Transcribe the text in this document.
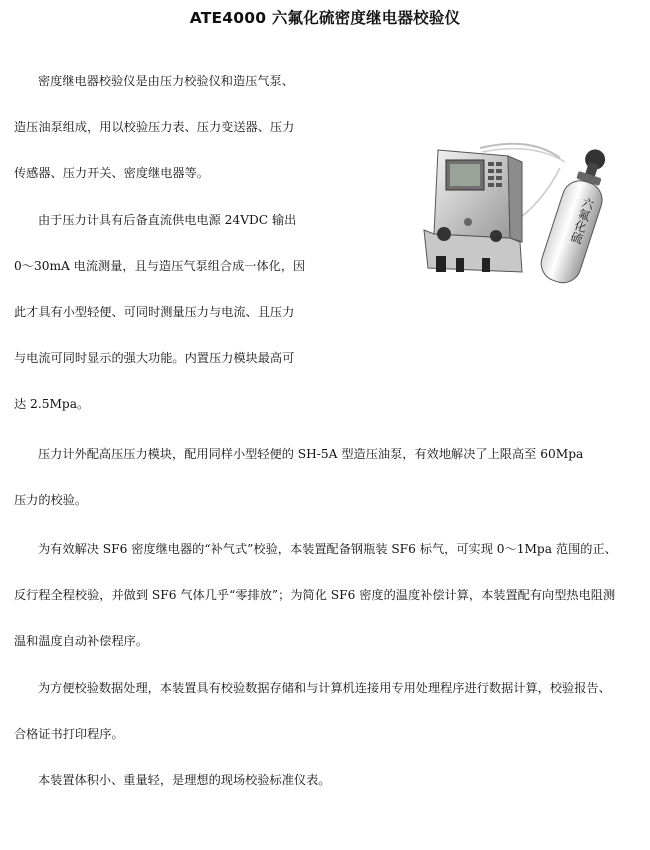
ATE4000 六氟化硫密度继电器校验仪
密度继电器校验仪是由压力校验仪和造压气泵、
造压油泵组成，用以校验压力表、压力变送器、压力
传感器、压力开关、密度继电器等。
由于压力计具有后备直流供电电源 24VDC 输出
0～30mA 电流测量，且与造压气泵组合成一体化，因
此才具有小型轻便、可同时测量压力与电流、且压力
与电流可同时显示的强大功能。内置压力模块最高可
达 2.5Mpa。
压力计外配高压压力模块，配用同样小型轻便的 SH-5A 型造压油泵，有效地解决了上限高至 60Mpa
压力的校验。
为有效解决 SF6 密度继电器的“补气式”校验，本装置配备钢瓶装 SF6 标气，可实现 0～1Mpa 范围的正、
反行程全程校验，并做到 SF6 气体几乎“零排放”；为简化 SF6 密度的温度补偿计算，本装置配有向型热电阻测
温和温度自动补偿程序。
为方便校验数据处理，本装置具有校验数据存储和与计算机连接用专用处理程序进行数据计算，校验报告、
合格证书打印程序。
本装置体积小、重量轻，是理想的现场校验标准仪表。
六氟化硫
